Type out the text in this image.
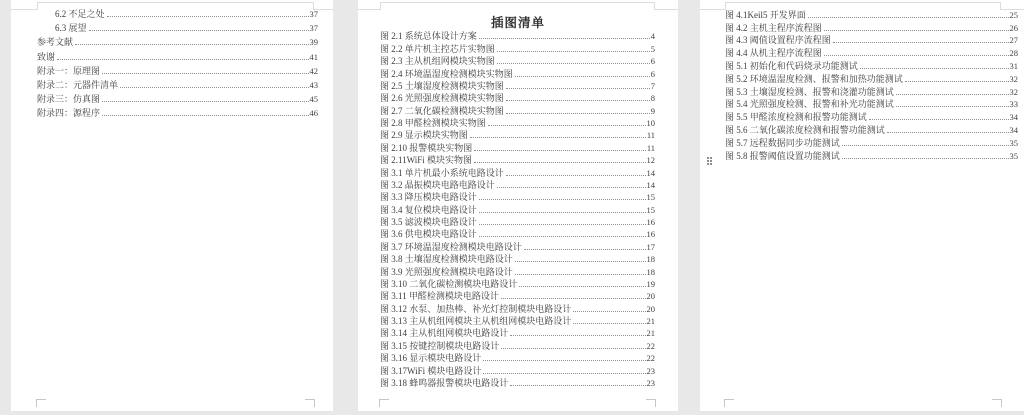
6.2 不足之处	37
6.3 展望	37
参考文献	39
致谢	41
附录一：原理图	42
附录二：元器件清单	43
附录三：仿真图	45
附录四：源程序	46
插图清单
图 2.1 系统总体设计方案	4
图 2.2 单片机主控芯片实物图	5
图 2.3 主从机组网模块实物图	6
图 2.4 环境温湿度检测模块实物图	6
图 2.5 土壤湿度检测模块实物图	7
图 2.6 光照强度检测模块实物图	8
图 2.7 二氧化碳检测模块实物图	9
图 2.8 甲醛检测模块实物图	10
图 2.9 显示模块实物图	11
图 2.10 报警模块实物图	11
图 2.11WiFi 模块实物图	12
图 3.1 单片机最小系统电路设计	14
图 3.2 晶振模块电路电路设计	14
图 3.3 降压模块电路设计	15
图 3.4 复位模块电路设计	15
图 3.5 滤波模块电路设计	16
图 3.6 供电模块电路设计	16
图 3.7 环境温湿度检测模块电路设计	17
图 3.8 土壤湿度检测模块电路设计	18
图 3.9 光照强度检测模块电路设计	18
图 3.10 二氧化碳检测模块电路设计	19
图 3.11 甲醛检测模块电路设计	20
图 3.12 水泵、加热棒、补光灯控制模块电路设计	20
图 3.13 主从机组网模块主从机组网模块电路设计	21
图 3.14 主从机组网模块电路设计	21
图 3.15 按键控制模块电路设计	22
图 3.16 显示模块电路设计	22
图 3.17WiFi 模块电路设计	23
图 3.18 蜂鸣器报警模块电路设计	23
图 4.1Keil5 开发界面	25
图 4.2 主机主程序流程图	26
图 4.3 阈值设置程序流程图	27
图 4.4 从机主程序流程图	28
图 5.1 初始化和代码烧录功能测试	31
图 5.2 环境温湿度检测、报警和加热功能测试	32
图 5.3 土壤湿度检测、报警和浇灌功能测试	32
图 5.4 光照强度检测、报警和补光功能测试	33
图 5.5 甲醛浓度检测和报警功能测试	34
图 5.6 二氧化碳浓度检测和报警功能测试	34
图 5.7 远程数据同步功能测试	35
图 5.8 报警阈值设置功能测试	35
